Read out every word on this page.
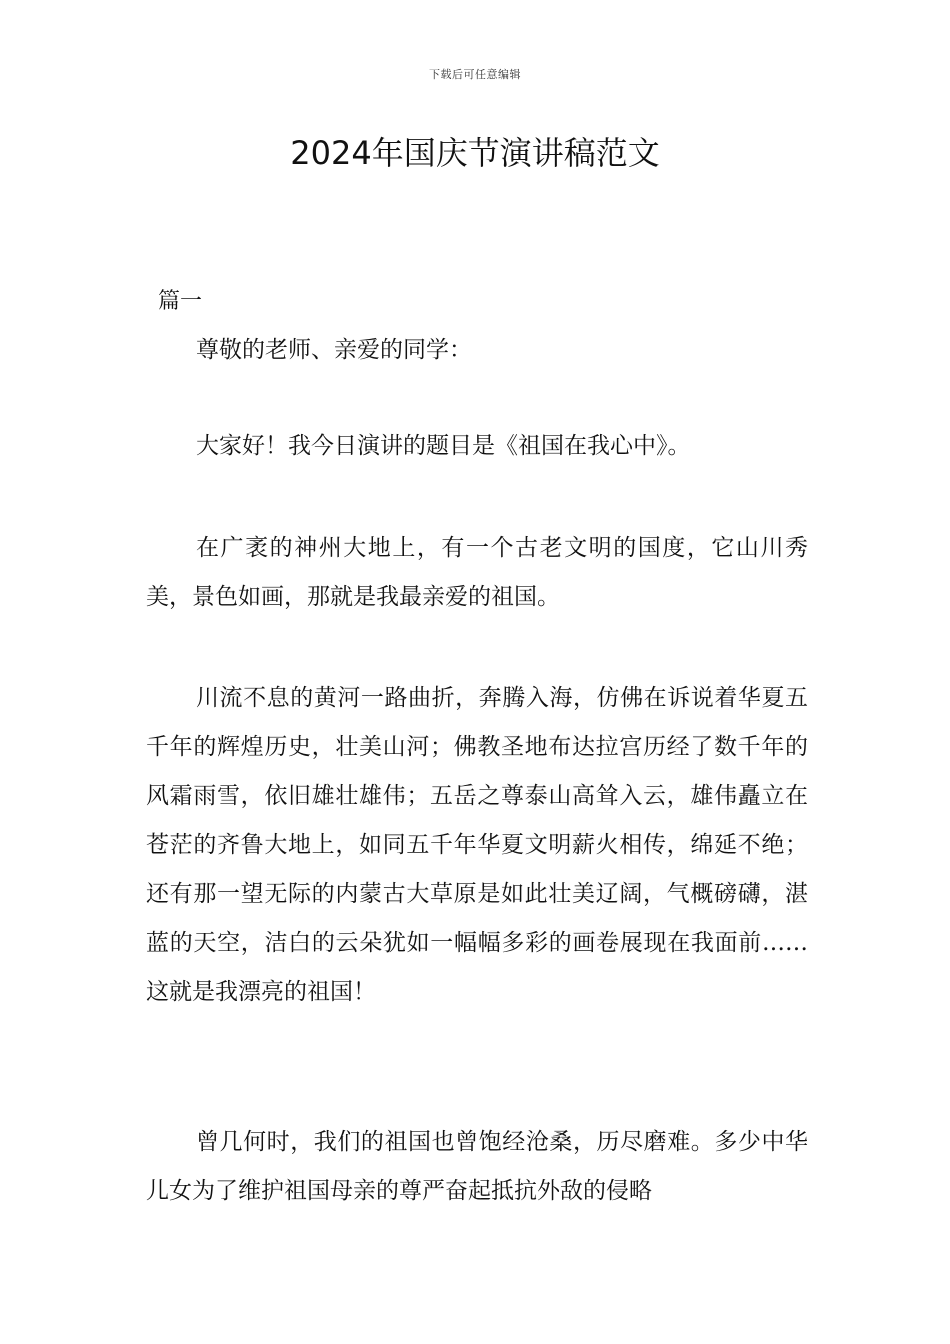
下载后可任意编辑
2024年国庆节演讲稿范文
篇一

尊敬的老师、亲爱的同学：

大家好！我今日演讲的题目是《祖国在我心中》。

在广袤的神州大地上，有一个古老文明的国度，它山川秀美，景色如画，那就是我最亲爱的祖国。

川流不息的黄河一路曲折，奔腾入海，仿佛在诉说着华夏五千年的辉煌历史，壮美山河；佛教圣地布达拉宫历经了数千年的风霜雨雪，依旧雄壮雄伟；五岳之尊泰山高耸入云，雄伟矗立在苍茫的齐鲁大地上，如同五千年华夏文明薪火相传，绵延不绝；还有那一望无际的内蒙古大草原是如此壮美辽阔，气概磅礴，湛蓝的天空，洁白的云朵犹如一幅幅多彩的画卷展现在我面前……这就是我漂亮的祖国！

曾几何时，我们的祖国也曾饱经沧桑，历尽磨难。多少中华儿女为了维护祖国母亲的尊严奋起抵抗外敌的侵略
